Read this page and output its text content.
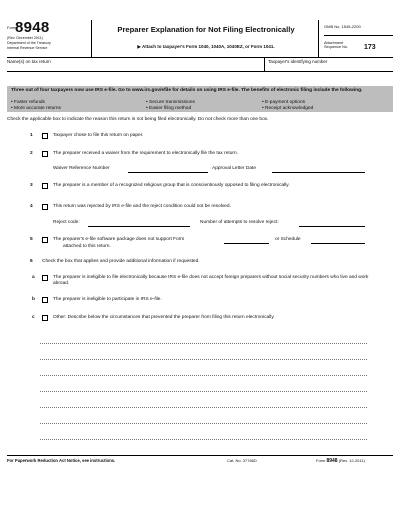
Form
8948
(Rev. December 2011)
Department of the Treasury
Internal Revenue Service
Preparer Explanation for Not Filing Electronically
▶ Attach to taxpayer's Form 1040, 1040A, 1040EZ, or Form 1041.
OMB No. 1545-2200
Attachment
Sequence No. 173
Name(s) on tax return	Taxpayer's identifying number
Three out of four taxpayers now use IRS e-file. Go to www.irs.gov/efile for details on using IRS e-file. The benefits of electronic filing include the following.
• Faster refunds	• Secure transmissions	• E-payment options
• More accurate returns	• Easier filing method	• Receipt acknowledged
Check the applicable box to indicate the reason this return is not being filed electronically. Do not check more than one box.
1	Taxpayer chose to file this return on paper.
2	The preparer received a waiver from the requirement to electronically file the tax return.
Waiver Reference Number	Approval Letter Date
3	The preparer is a member of a recognized religious group that is conscientiously opposed to filing electronically.
4	This return was rejected by IRS e-file and the reject condition could not be resolved.
Reject code:	Number of attempts to resolve reject:
5	The preparer's e-file software package does not support Form	or Schedule
attached to this return.
6 Check the box that applies and provide additional information if requested.
a	The preparer is ineligible to file electronically because IRS e-file does not accept foreign preparers without social security numbers who live and work abroad.
b	The preparer is ineligible to participate in IRS e-file.
c	Other: Describe below the circumstances that prevented the preparer from filing this return electronically.
For Paperwork Reduction Act Notice, see instructions.	Cat. No. 37766D	Form 8948 (Rev. 12-2011)
